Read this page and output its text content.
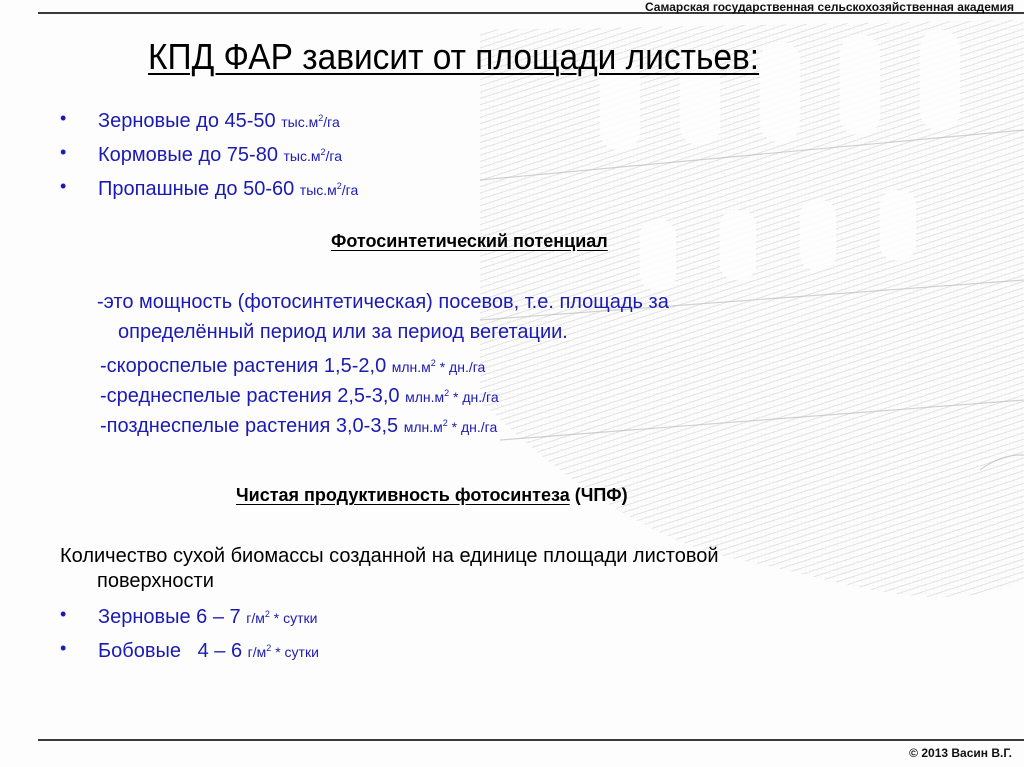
Самарская государственная сельскохозяйственная академия
КПД ФАР зависит от площади листьев:
• Зерновые до 45-50 $тыс.м^2/га$
• Кормовые до 75-80 $тыс.м^2/га$
• Пропашные до 50-60 $тыс.м^2/га$
Фотосинтетический потенциал
-это мощность (фотосинтетическая) посевов, т.е. площадь за
определённый период или за период вегетации.
-скороспелые растения 1,5-2,0 $млн.м^2 * дн./га$
-среднеспелые растения 2,5-3,0 $млн.м^2 * дн./га$
-позднеспелые растения 3,0-3,5 $млн.м^2 * дн./га$
Чистая продуктивность фотосинтеза (ЧПФ)
Количество сухой биомассы созданной на единице площади листовой
поверхности
• Зерновые 6 – 7 $г/м^2$ * сутки
• Бобовые   4 – 6 $г/м^2$ * сутки
© 2013 Васин В.Г.
